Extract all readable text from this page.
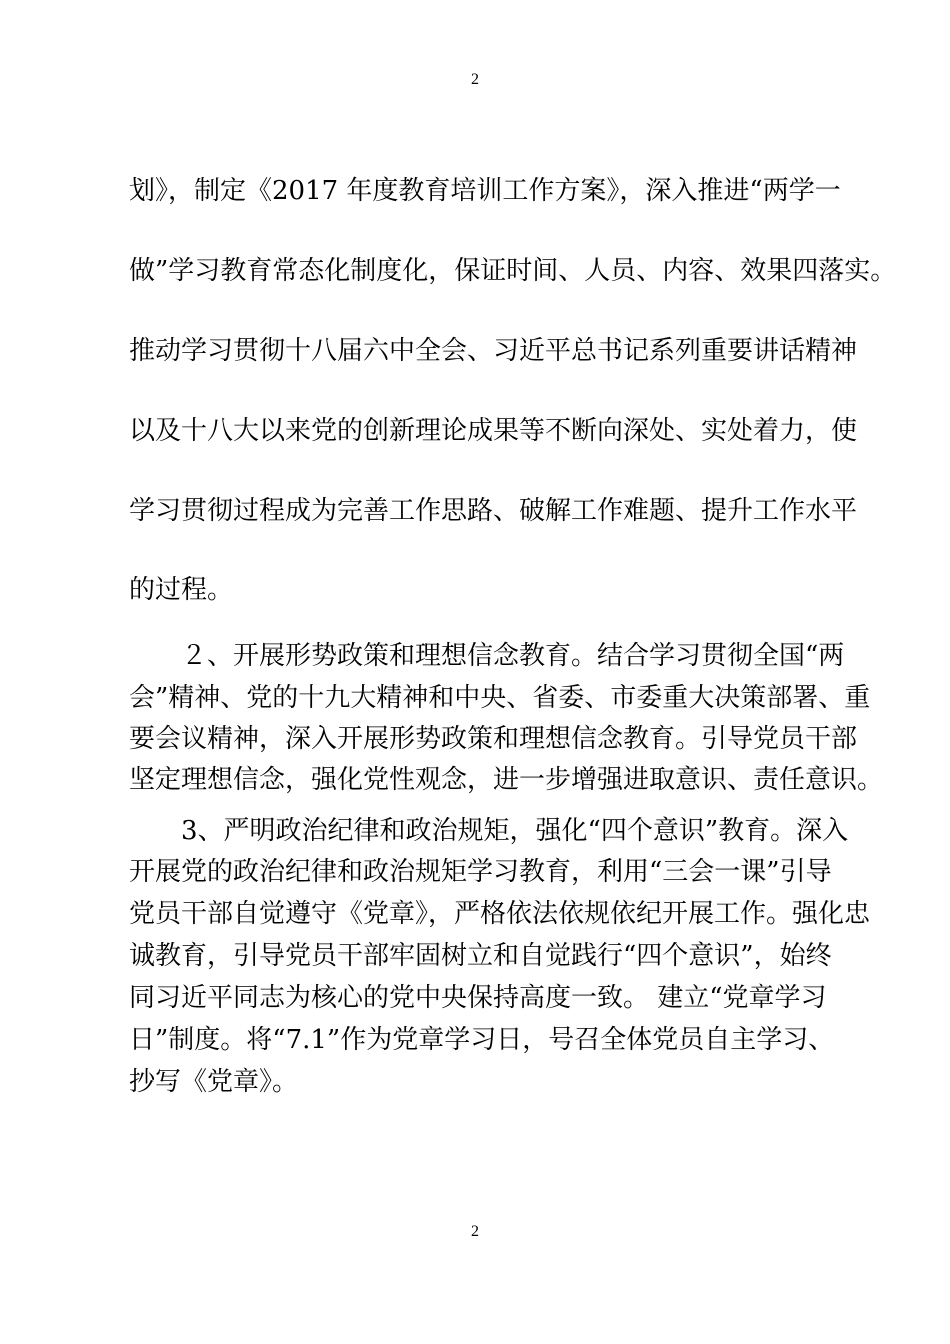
2
划》，制定《2017 年度教育培训工作方案》，深入推进“两学一
做”学习教育常态化制度化，保证时间、人员、内容、效果四落实。
推动学习贯彻十八届六中全会、习近平总书记系列重要讲话精神
以及十八大以来党的创新理论成果等不断向深处、实处着力，使
学习贯彻过程成为完善工作思路、破解工作难题、提升工作水平
的过程。
２、开展形势政策和理想信念教育。结合学习贯彻全国“两
会”精神、党的十九大精神和中央、省委、市委重大决策部署、重
要会议精神，深入开展形势政策和理想信念教育。引导党员干部
坚定理想信念，强化党性观念，进一步增强进取意识、责任意识。
3、严明政治纪律和政治规矩，强化“四个意识”教育。深入
开展党的政治纪律和政治规矩学习教育，利用“三会一课”引导
党员干部自觉遵守《党章》，严格依法依规依纪开展工作。强化忠
诚教育，引导党员干部牢固树立和自觉践行“四个意识”，始终
同习近平同志为核心的党中央保持高度一致。 建立“党章学习
日”制度。将“7.1”作为党章学习日，号召全体党员自主学习、
抄写《党章》。
2
